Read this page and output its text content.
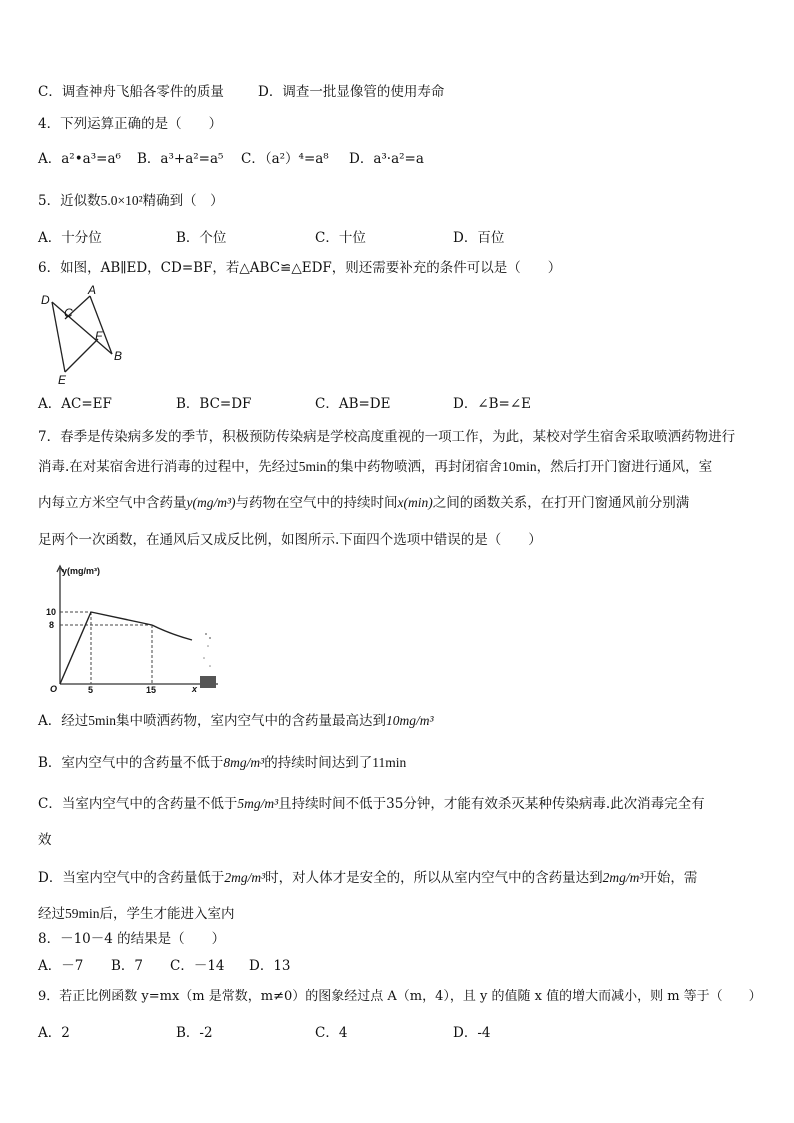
C．调查神舟飞船各零件的质量	D．调查一批显像管的使用寿命
4．下列运算正确的是（　　）
A．a²•a³=a⁶ B．a³+a²=a⁵ C．（a²）⁴=a⁸ D．a³·a²=a
5．近似数5.0×10²精确到（　）
A．十分位	B．个位	C．十位	D．百位
6．如图，AB∥ED，CD=BF，若△ABC≌△EDF，则还需要补充的条件可以是（　　）
D
A
C
F
B
E
A．AC=EF	B．BC=DF	C．AB=DE	D．∠B=∠E
7．春季是传染病多发的季节，积极预防传染病是学校高度重视的一项工作，为此，某校对学生宿舍采取喷洒药物进行
消毒.在对某宿舍进行消毒的过程中，先经过5min的集中药物喷洒，再封闭宿舍10min，然后打开门窗进行通风，室
内每立方米空气中含药量y(mg/m³)与药物在空气中的持续时间x(min)之间的函数关系，在打开门窗通风前分别满
足两个一次函数，在通风后又成反比例，如图所示.下面四个选项中错误的是（　　）
y(mg/m³)
10
8
O	5	15	x
A．经过5min集中喷洒药物，室内空气中的含药量最高达到10mg/m³
B．室内空气中的含药量不低于8mg/m³的持续时间达到了11min
C．当室内空气中的含药量不低于5mg/m³且持续时间不低于35分钟，才能有效杀灭某种传染病毒.此次消毒完全有
效
D．当室内空气中的含药量低于2mg/m³时，对人体才是安全的，所以从室内空气中的含药量达到2mg/m³开始，需
经过59min后，学生才能进入室内
8．－10－4 的结果是（　　）
A．－7 B．7 C．－14 D．13
9．若正比例函数 y=mx（m 是常数，m≠0）的图象经过点 A（m，4），且 y 的值随 x 值的增大而减小，则 m 等于（　　）
A．2	B．-2	C．4	D．-4
